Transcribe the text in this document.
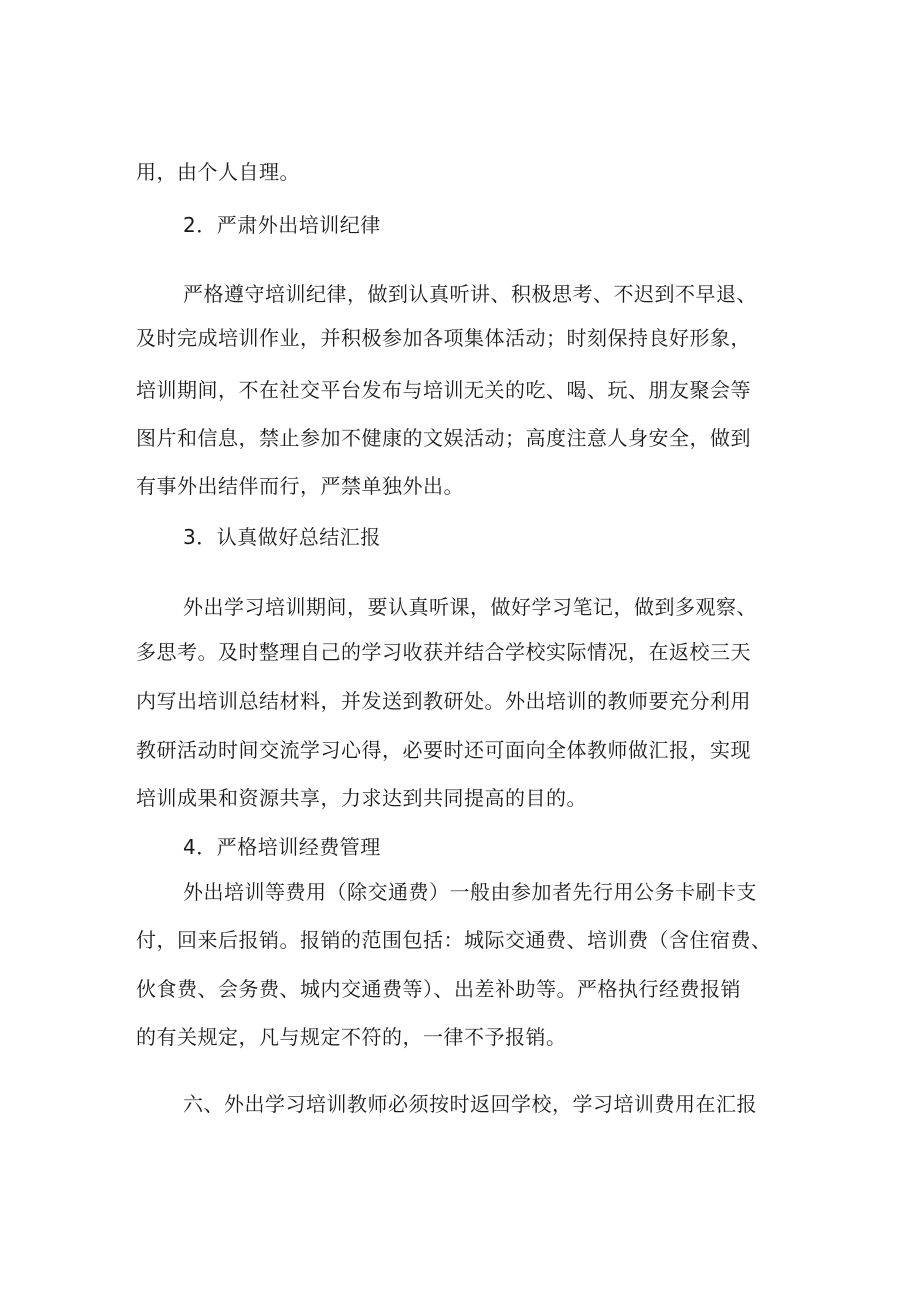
用，由个人自理。
2．严肃外出培训纪律
严格遵守培训纪律，做到认真听讲、积极思考、不迟到不早退、
及时完成培训作业，并积极参加各项集体活动；时刻保持良好形象，
培训期间，不在社交平台发布与培训无关的吃、喝、玩、朋友聚会等
图片和信息，禁止参加不健康的文娱活动；高度注意人身安全，做到
有事外出结伴而行，严禁单独外出。
3．认真做好总结汇报
外出学习培训期间，要认真听课，做好学习笔记，做到多观察、
多思考。及时整理自己的学习收获并结合学校实际情况，在返校三天
内写出培训总结材料，并发送到教研处。外出培训的教师要充分利用
教研活动时间交流学习心得，必要时还可面向全体教师做汇报，实现
培训成果和资源共享，力求达到共同提高的目的。
4．严格培训经费管理
外出培训等费用（除交通费）一般由参加者先行用公务卡刷卡支
付，回来后报销。报销的范围包括：城际交通费、培训费（含住宿费、
伙食费、会务费、城内交通费等）、出差补助等。严格执行经费报销
的有关规定，凡与规定不符的，一律不予报销。
六、外出学习培训教师必须按时返回学校，学习培训费用在汇报
